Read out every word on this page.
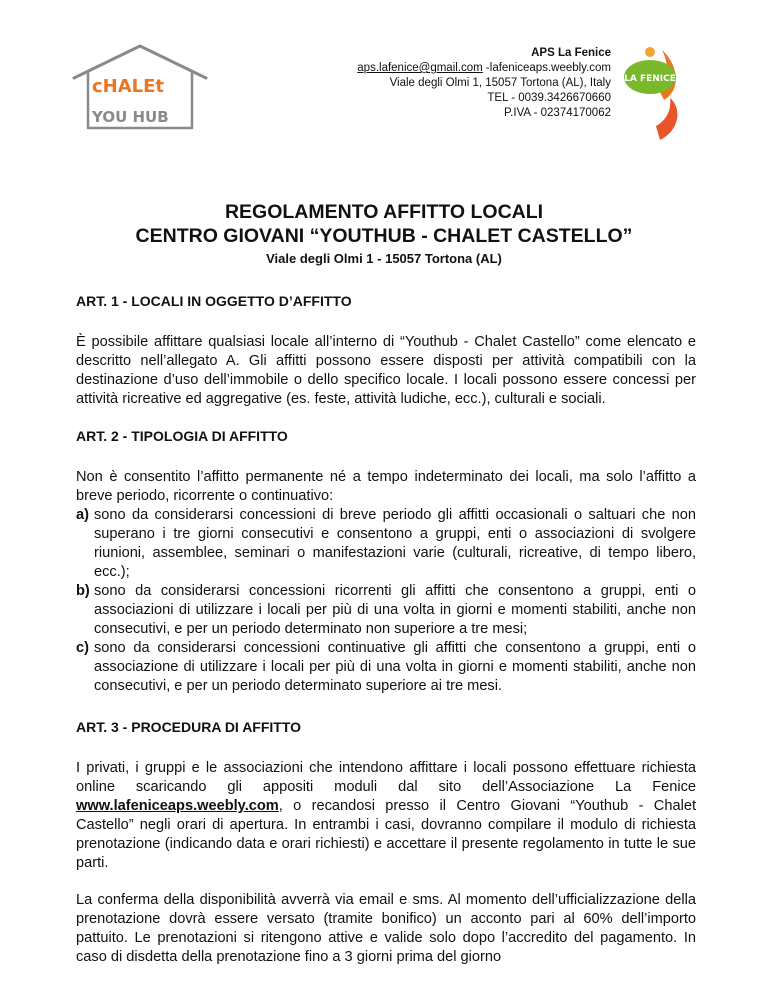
cHALEt
YOU HUB
LA FENICE
APS La Fenice
aps.lafenice@gmail.com -lafeniceaps.weebly.com
Viale degli Olmi 1, 15057 Tortona (AL), Italy
TEL - 0039.3426670660
P.IVA - 02374170062
REGOLAMENTO AFFITTO LOCALI
CENTRO GIOVANI “YOUTHUB - CHALET CASTELLO”
Viale degli Olmi 1 - 15057 Tortona (AL)
ART. 1 - LOCALI IN OGGETTO D’AFFITTO

È possibile affittare qualsiasi locale all’interno di “Youthub - Chalet Castello” come elencato e descritto nell’allegato A. Gli affitti possono essere disposti per attività compatibili con la destinazione d’uso dell’immobile o dello specifico locale. I locali possono essere concessi per attività ricreative ed aggregative (es. feste, attività ludiche, ecc.), culturali e sociali.

ART. 2 - TIPOLOGIA DI AFFITTO

Non è consentito l’affitto permanente né a tempo indeterminato dei locali, ma solo l’affitto a breve periodo, ricorrente o continuativo:

a) sono da considerarsi concessioni di breve periodo gli affitti occasionali o saltuari che non superano i tre giorni consecutivi e consentono a gruppi, enti o associazioni di svolgere riunioni, assemblee, seminari o manifestazioni varie (culturali, ricreative, di tempo libero, ecc.);
b) sono da considerarsi concessioni ricorrenti gli affitti che consentono a gruppi, enti o associazioni di utilizzare i locali per più di una volta in giorni e momenti stabiliti, anche non consecutivi, e per un periodo determinato non superiore a tre mesi;
c) sono da considerarsi concessioni continuative gli affitti che consentono a gruppi, enti o associazione di utilizzare i locali per più di una volta in giorni e momenti stabiliti, anche non consecutivi, e per un periodo determinato superiore ai tre mesi.
ART. 3 - PROCEDURA DI AFFITTO

I privati, i gruppi e le associazioni che intendono affittare i locali possono effettuare richiesta online scaricando gli appositi moduli dal sito dell’Associazione La Fenice www.lafeniceaps.weebly.com, o recandosi presso il Centro Giovani “Youthub - Chalet Castello” negli orari di apertura. In entrambi i casi, dovranno compilare il modulo di richiesta prenotazione (indicando data e orari richiesti) e accettare il presente regolamento in tutte le sue parti.

La conferma della disponibilità avverrà via email e sms. Al momento dell’ufficializzazione della prenotazione dovrà essere versato (tramite bonifico) un acconto pari al 60% dell’importo pattuito. Le prenotazioni si ritengono attive e valide solo dopo l’accredito del pagamento. In caso di disdetta della prenotazione fino a 3 giorni prima del giorno
